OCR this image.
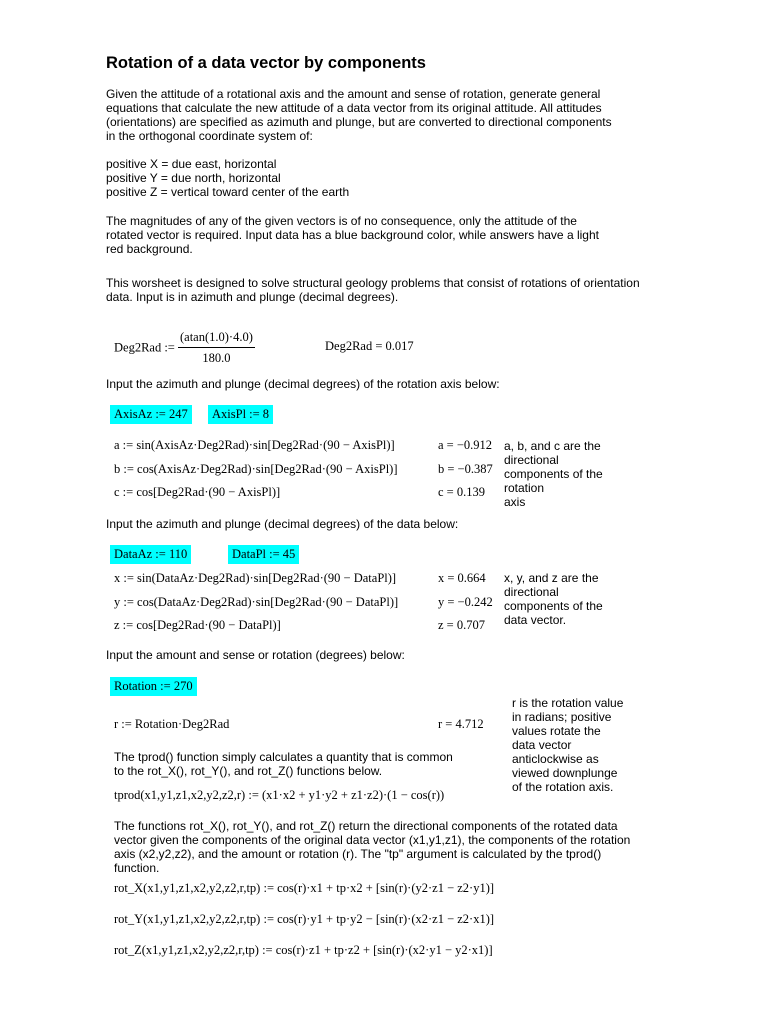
Rotation of a data vector by components
Given the attitude of a rotational axis and the amount and sense of rotation, generate general
equations that calculate the new attitude of a data vector from its original attitude. All attitudes
(orientations) are specified as azimuth and plunge, but are converted to directional components
in the orthogonal coordinate system of:
positive X = due east, horizontal
positive Y = due north, horizontal
positive Z = vertical toward center of the earth
The magnitudes of any of the given vectors is of no consequence, only the attitude of the
rotated vector is required. Input data has a blue background color, while answers have a light
red background.
This worsheet is designed to solve structural geology problems that consist of rotations of orientation
data. Input is in azimuth and plunge (decimal degrees).
Deg2Rad := $\frac{(atan(1.0)\cdot 4.0)}{180.0}$	Deg2Rad = 0.017
Input the azimuth and plunge (decimal degrees) of the rotation axis below:
AxisAz := 247	AxisPl := 8
a := sin(AxisAz·Deg2Rad)·sin[Deg2Rad·(90 − AxisPl)]
b := cos(AxisAz·Deg2Rad)·sin[Deg2Rad·(90 − AxisPl)]
c := cos[Deg2Rad·(90 − AxisPl)]
a = −0.912
b = −0.387
c = 0.139
a, b, and c are the
directional
components of the
rotation
axis
Input the azimuth and plunge (decimal degrees) of the data below:
DataAz := 110	DataPl := 45
x := sin(DataAz·Deg2Rad)·sin[Deg2Rad·(90 − DataPl)]
y := cos(DataAz·Deg2Rad)·sin[Deg2Rad·(90 − DataPl)]
z := cos[Deg2Rad·(90 − DataPl)]
x = 0.664
y = −0.242
z = 0.707
x, y, and z are the
directional
components of the
data vector.
Input the amount and sense or rotation (degrees) below:
Rotation := 270
r := Rotation·Deg2Rad	r = 4.712
r is the rotation value
in radians; positive
values rotate the
data vector
anticlockwise as
viewed downplunge
of the rotation axis.
The tprod() function simply calculates a quantity that is common
to the rot_X(), rot_Y(), and rot_Z() functions below.
tprod(x1,y1,z1,x2,y2,z2,r) := (x1·x2 + y1·y2 + z1·z2)·(1 − cos(r))
The functions rot_X(), rot_Y(), and rot_Z() return the directional components of the rotated data
vector given the components of the original data vector (x1,y1,z1), the components of the rotation
axis (x2,y2,z2), and the amount or rotation (r). The "tp" argument is calculated by the tprod()
function.
rot_X(x1,y1,z1,x2,y2,z2,r,tp) := cos(r)·x1 + tp·x2 + [sin(r)·(y2·z1 − z2·y1)]
rot_Y(x1,y1,z1,x2,y2,z2,r,tp) := cos(r)·y1 + tp·y2 − [sin(r)·(x2·z1 − z2·x1)]
rot_Z(x1,y1,z1,x2,y2,z2,r,tp) := cos(r)·z1 + tp·z2 + [sin(r)·(x2·y1 − y2·x1)]
